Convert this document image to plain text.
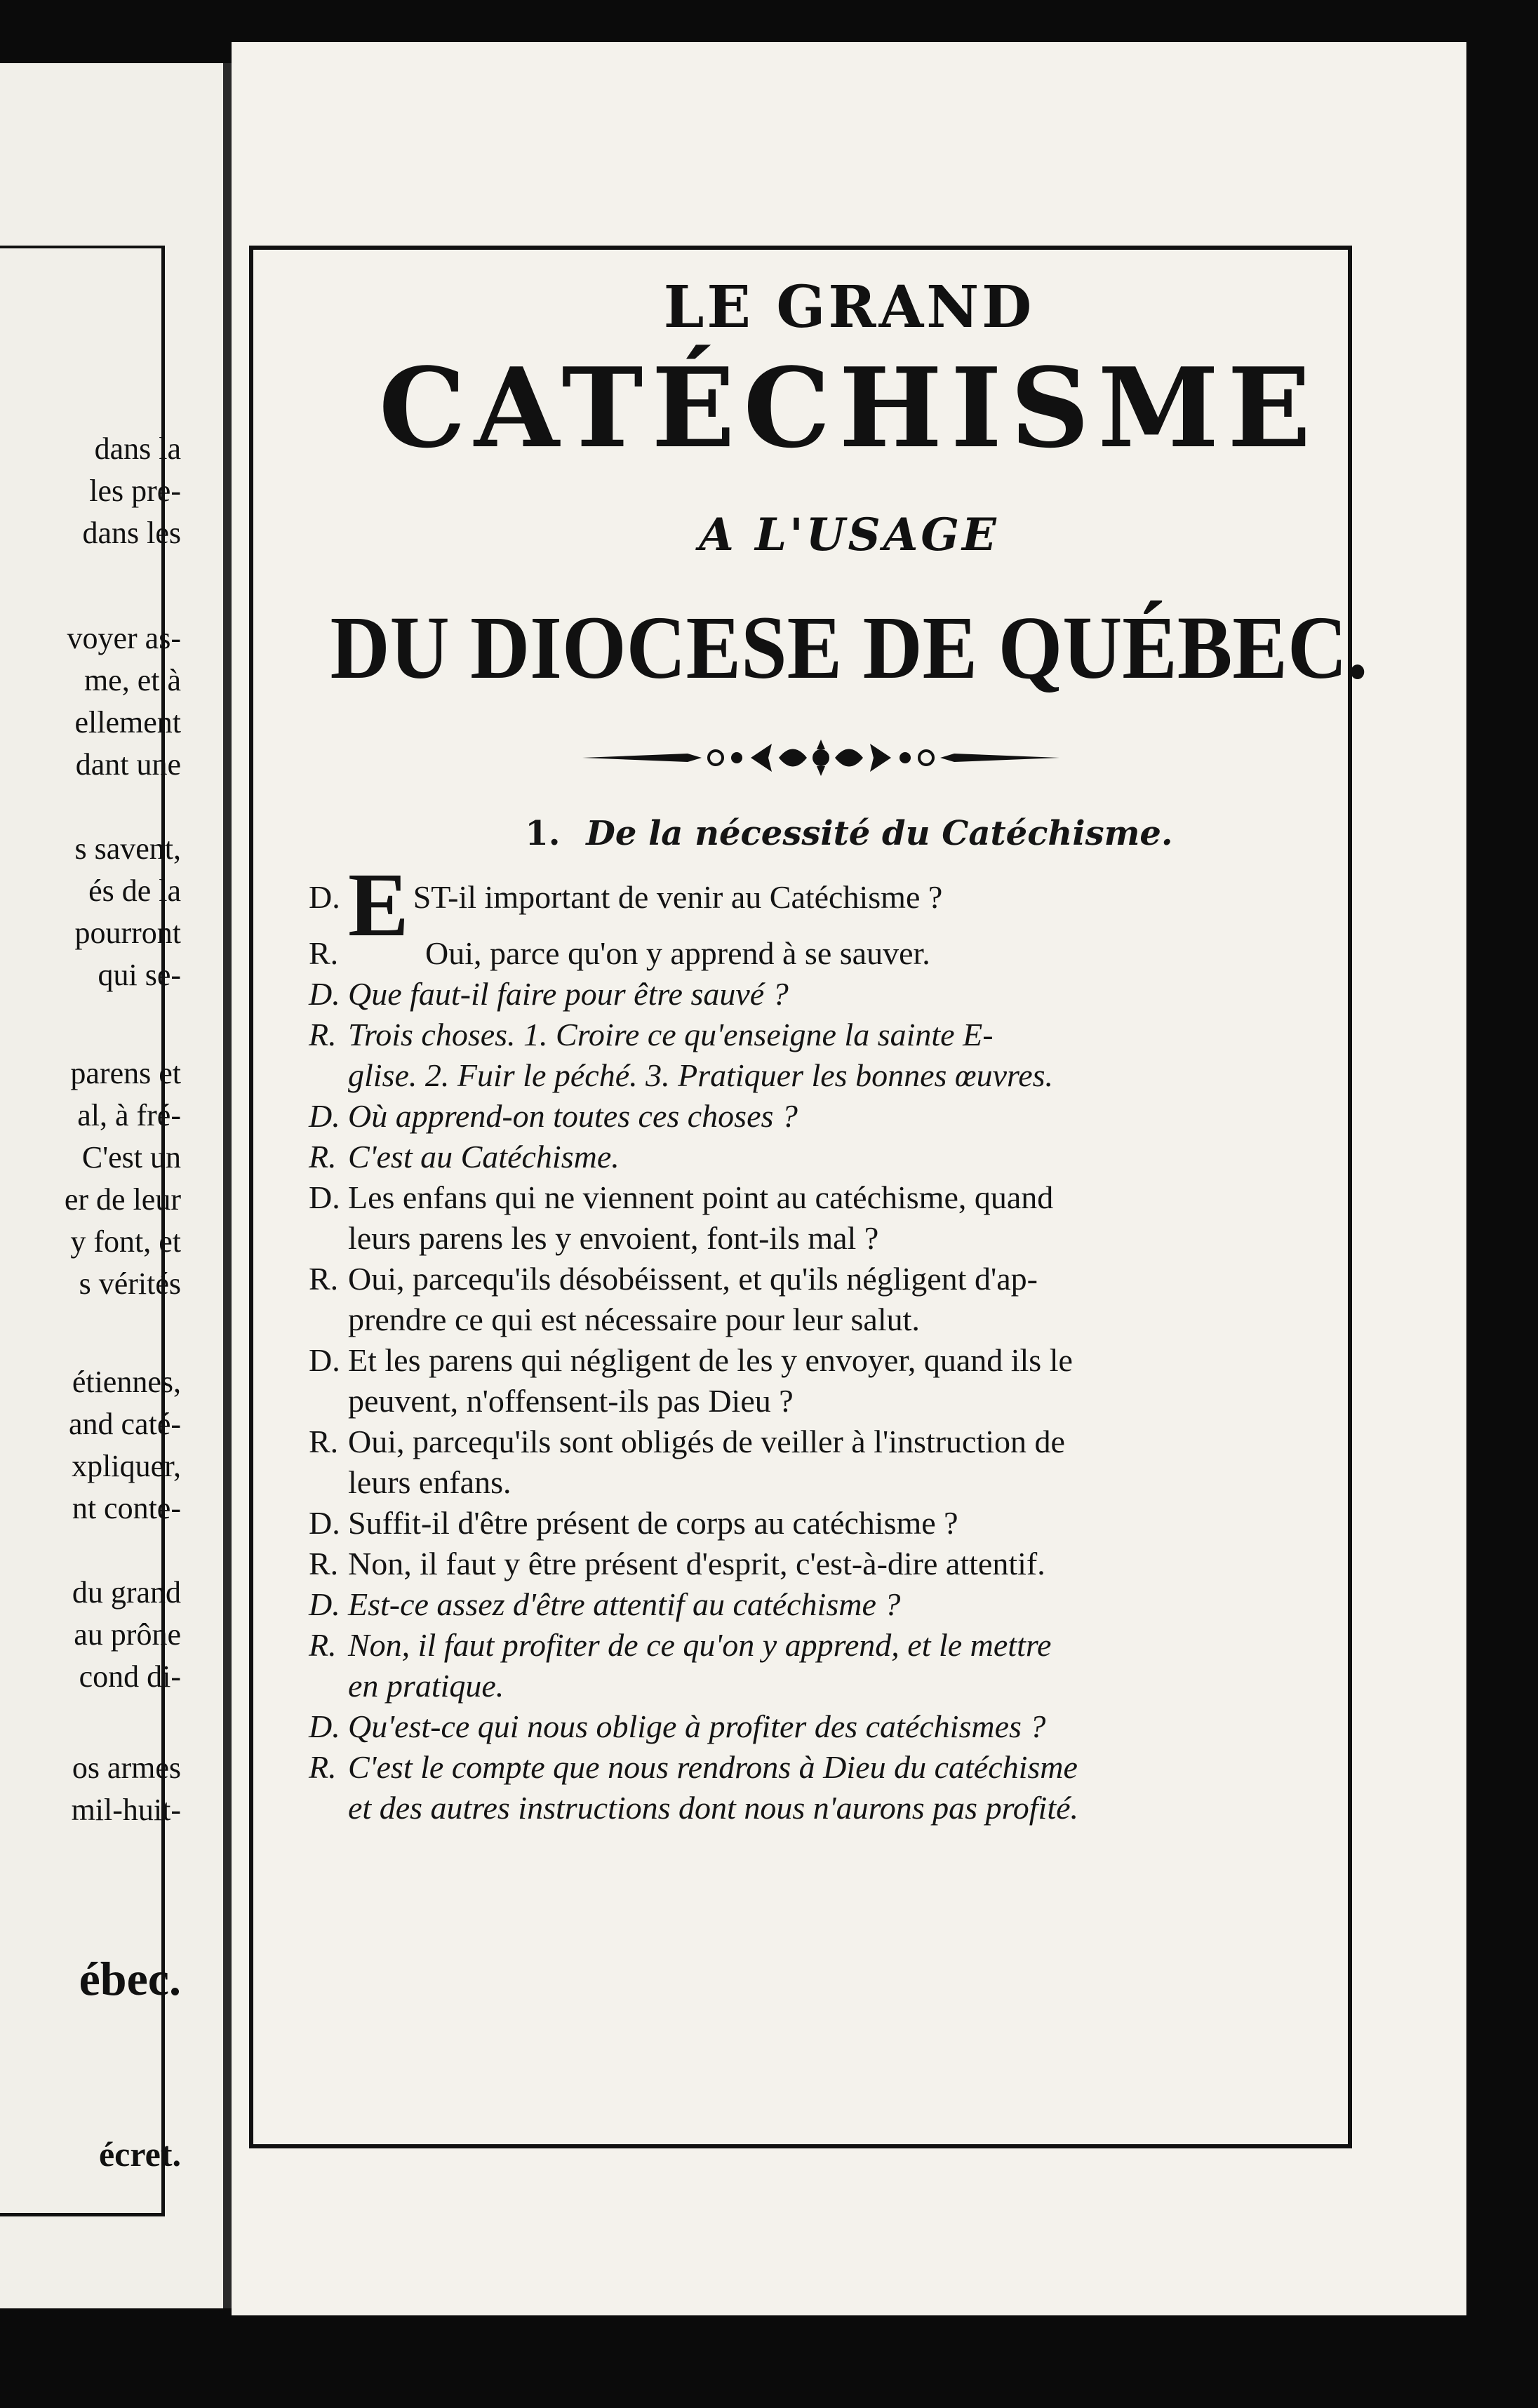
dans la
les pre-
dans les
voyer as-
me, et à
ellement
dant une
s savent,
és de la
pourront
qui se-
parens et
al, à fré-
C'est un
er de leur
y font, et
s vérités
étiennes,
and caté-
xpliquer,
nt conte-
du grand
au prône
cond di-
os armes
mil-huit-
ébec.
écret.
LE GRAND
CATÉCHISME
A L'USAGE
DU DIOCESE DE QUÉBEC.
1. De la nécessité du Catéchisme.
D.E ST-il important de venir au Catéchisme ?
R.	Oui, parce qu'on y apprend à se sauver.
D. Que faut-il faire pour être sauvé ?
R. Trois choses. 1. Croire ce qu'enseigne la sainte E-
glise. 2. Fuir le péché. 3. Pratiquer les bonnes œuvres.
D. Où apprend-on toutes ces choses ?
R. C'est au Catéchisme.
D. Les enfans qui ne viennent point au catéchisme, quand
leurs parens les y envoient, font-ils mal ?
R. Oui, parcequ'ils désobéissent, et qu'ils négligent d'ap-
prendre ce qui est nécessaire pour leur salut.
D. Et les parens qui négligent de les y envoyer, quand ils le
peuvent, n'offensent-ils pas Dieu ?
R. Oui, parcequ'ils sont obligés de veiller à l'instruction de
leurs enfans.
D. Suffit-il d'être présent de corps au catéchisme ?
R. Non, il faut y être présent d'esprit, c'est-à-dire attentif.
D. Est-ce assez d'être attentif au catéchisme ?
R. Non, il faut profiter de ce qu'on y apprend, et le mettre
en pratique.
D. Qu'est-ce qui nous oblige à profiter des catéchismes ?
R. C'est le compte que nous rendrons à Dieu du catéchisme
et des autres instructions dont nous n'aurons pas profité.
